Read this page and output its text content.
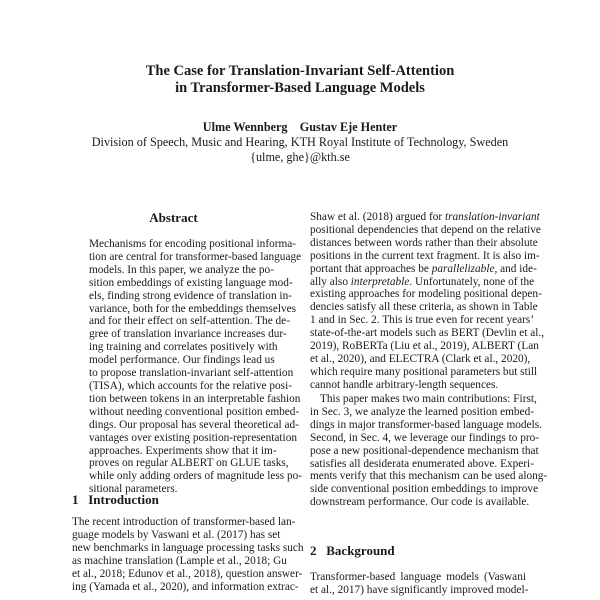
The Case for Translation-Invariant Self-Attention
in Transformer-Based Language Models
Ulme Wennberg    Gustav Eje Henter
Division of Speech, Music and Hearing, KTH Royal Institute of Technology, Sweden
{ulme, ghe}@kth.se
Abstract
Mechanisms for encoding positional informa-
tion are central for transformer-based language
models. In this paper, we analyze the po-
sition embeddings of existing language mod-
els, finding strong evidence of translation in-
variance, both for the embeddings themselves
and for their effect on self-attention. The de-
gree of translation invariance increases dur-
ing training and correlates positively with
model performance. Our findings lead us
to propose translation-invariant self-attention
(TISA), which accounts for the relative posi-
tion between tokens in an interpretable fashion
without needing conventional position embed-
dings. Our proposal has several theoretical ad-
vantages over existing position-representation
approaches. Experiments show that it im-
proves on regular ALBERT on GLUE tasks,
while only adding orders of magnitude less po-
sitional parameters.
1 Introduction
The recent introduction of transformer-based lan-
guage models by Vaswani et al. (2017) has set
new benchmarks in language processing tasks such
as machine translation (Lample et al., 2018; Gu
et al., 2018; Edunov et al., 2018), question answer-
ing (Yamada et al., 2020), and information extrac-
Shaw et al. (2018) argued for translation-invariant
positional dependencies that depend on the relative
distances between words rather than their absolute
positions in the current text fragment. It is also im-
portant that approaches be parallelizable, and ide-
ally also interpretable. Unfortunately, none of the
existing approaches for modeling positional depen-
dencies satisfy all these criteria, as shown in Table
1 and in Sec. 2. This is true even for recent years’
state-of-the-art models such as BERT (Devlin et al.,
2019), RoBERTa (Liu et al., 2019), ALBERT (Lan
et al., 2020), and ELECTRA (Clark et al., 2020),
which require many positional parameters but still
cannot handle arbitrary-length sequences.
This paper makes two main contributions: First,
in Sec. 3, we analyze the learned position embed-
dings in major transformer-based language models.
Second, in Sec. 4, we leverage our findings to pro-
pose a new positional-dependence mechanism that
satisfies all desiderata enumerated above. Experi-
ments verify that this mechanism can be used along-
side conventional position embeddings to improve
downstream performance. Our code is available.
2 Background
Transformer-based language models (Vaswani
et al., 2017) have significantly improved model-
